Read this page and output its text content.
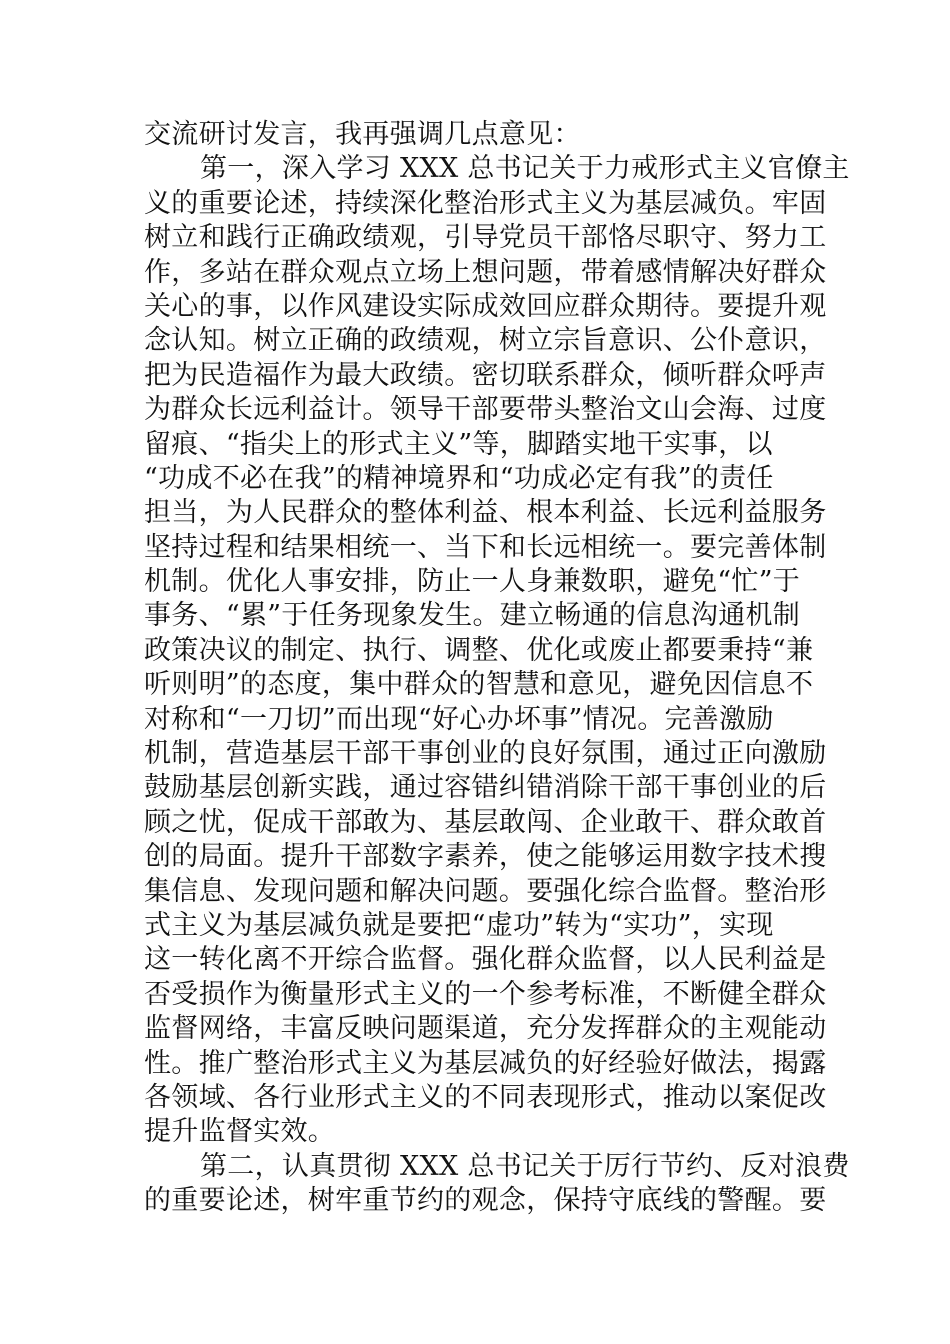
交流研讨发言，我再强调几点意见：
第一，深入学习 XXX 总书记关于力戒形式主义官僚主
义的重要论述，持续深化整治形式主义为基层减负。牢固
树立和践行正确政绩观，引导党员干部恪尽职守、努力工
作，多站在群众观点立场上想问题，带着感情解决好群众
关心的事，以作风建设实际成效回应群众期待。要提升观
念认知。树立正确的政绩观，树立宗旨意识、公仆意识，
把为民造福作为最大政绩。密切联系群众，倾听群众呼声
为群众长远利益计。领导干部要带头整治文山会海、过度
留痕、“指尖上的形式主义”等，脚踏实地干实事，以
“功成不必在我”的精神境界和“功成必定有我”的责任
担当，为人民群众的整体利益、根本利益、长远利益服务
坚持过程和结果相统一、当下和长远相统一。要完善体制
机制。优化人事安排，防止一人身兼数职，避免“忙”于
事务、“累”于任务现象发生。建立畅通的信息沟通机制
政策决议的制定、执行、调整、优化或废止都要秉持“兼
听则明”的态度，集中群众的智慧和意见，避免因信息不
对称和“一刀切”而出现“好心办坏事”情况。完善激励
机制，营造基层干部干事创业的良好氛围，通过正向激励
鼓励基层创新实践，通过容错纠错消除干部干事创业的后
顾之忧，促成干部敢为、基层敢闯、企业敢干、群众敢首
创的局面。提升干部数字素养，使之能够运用数字技术搜
集信息、发现问题和解决问题。要强化综合监督。整治形
式主义为基层减负就是要把“虚功”转为“实功”，实现
这一转化离不开综合监督。强化群众监督，以人民利益是
否受损作为衡量形式主义的一个参考标准，不断健全群众
监督网络，丰富反映问题渠道，充分发挥群众的主观能动
性。推广整治形式主义为基层减负的好经验好做法，揭露
各领域、各行业形式主义的不同表现形式，推动以案促改
提升监督实效。
第二，认真贯彻 XXX 总书记关于厉行节约、反对浪费
的重要论述，树牢重节约的观念，保持守底线的警醒。要
